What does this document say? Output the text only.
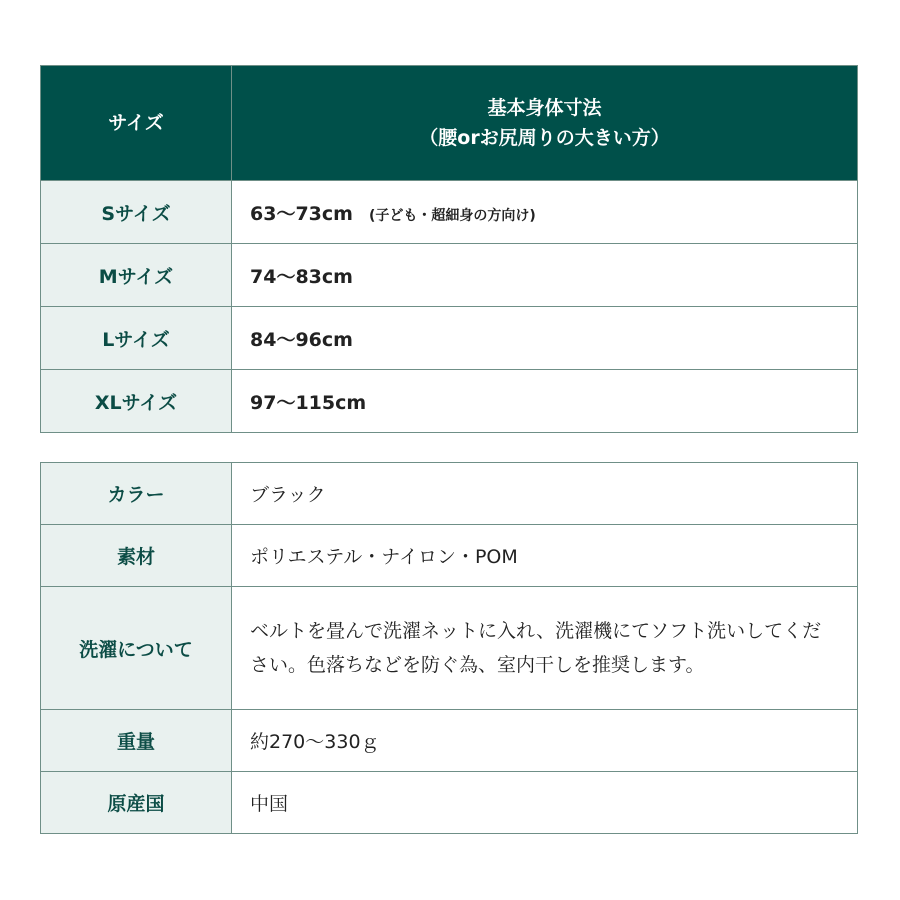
サイズ	基本身体寸法
（腰orお尻周りの大きい方）

Sサイズ	63〜73cm (子ども・超細身の方向け)
Mサイズ	74〜83cm
Lサイズ	84〜96cm
XLサイズ	97〜115cm
カラー	ブラック
素材	ポリエステル・ナイロン・POM
洗濯について	ベルトを畳んで洗濯ネットに入れ、洗濯機にてソフト洗いしてください。色落ちなどを防ぐ為、室内干しを推奨します。
重量	約270〜330ｇ
原産国	中国
